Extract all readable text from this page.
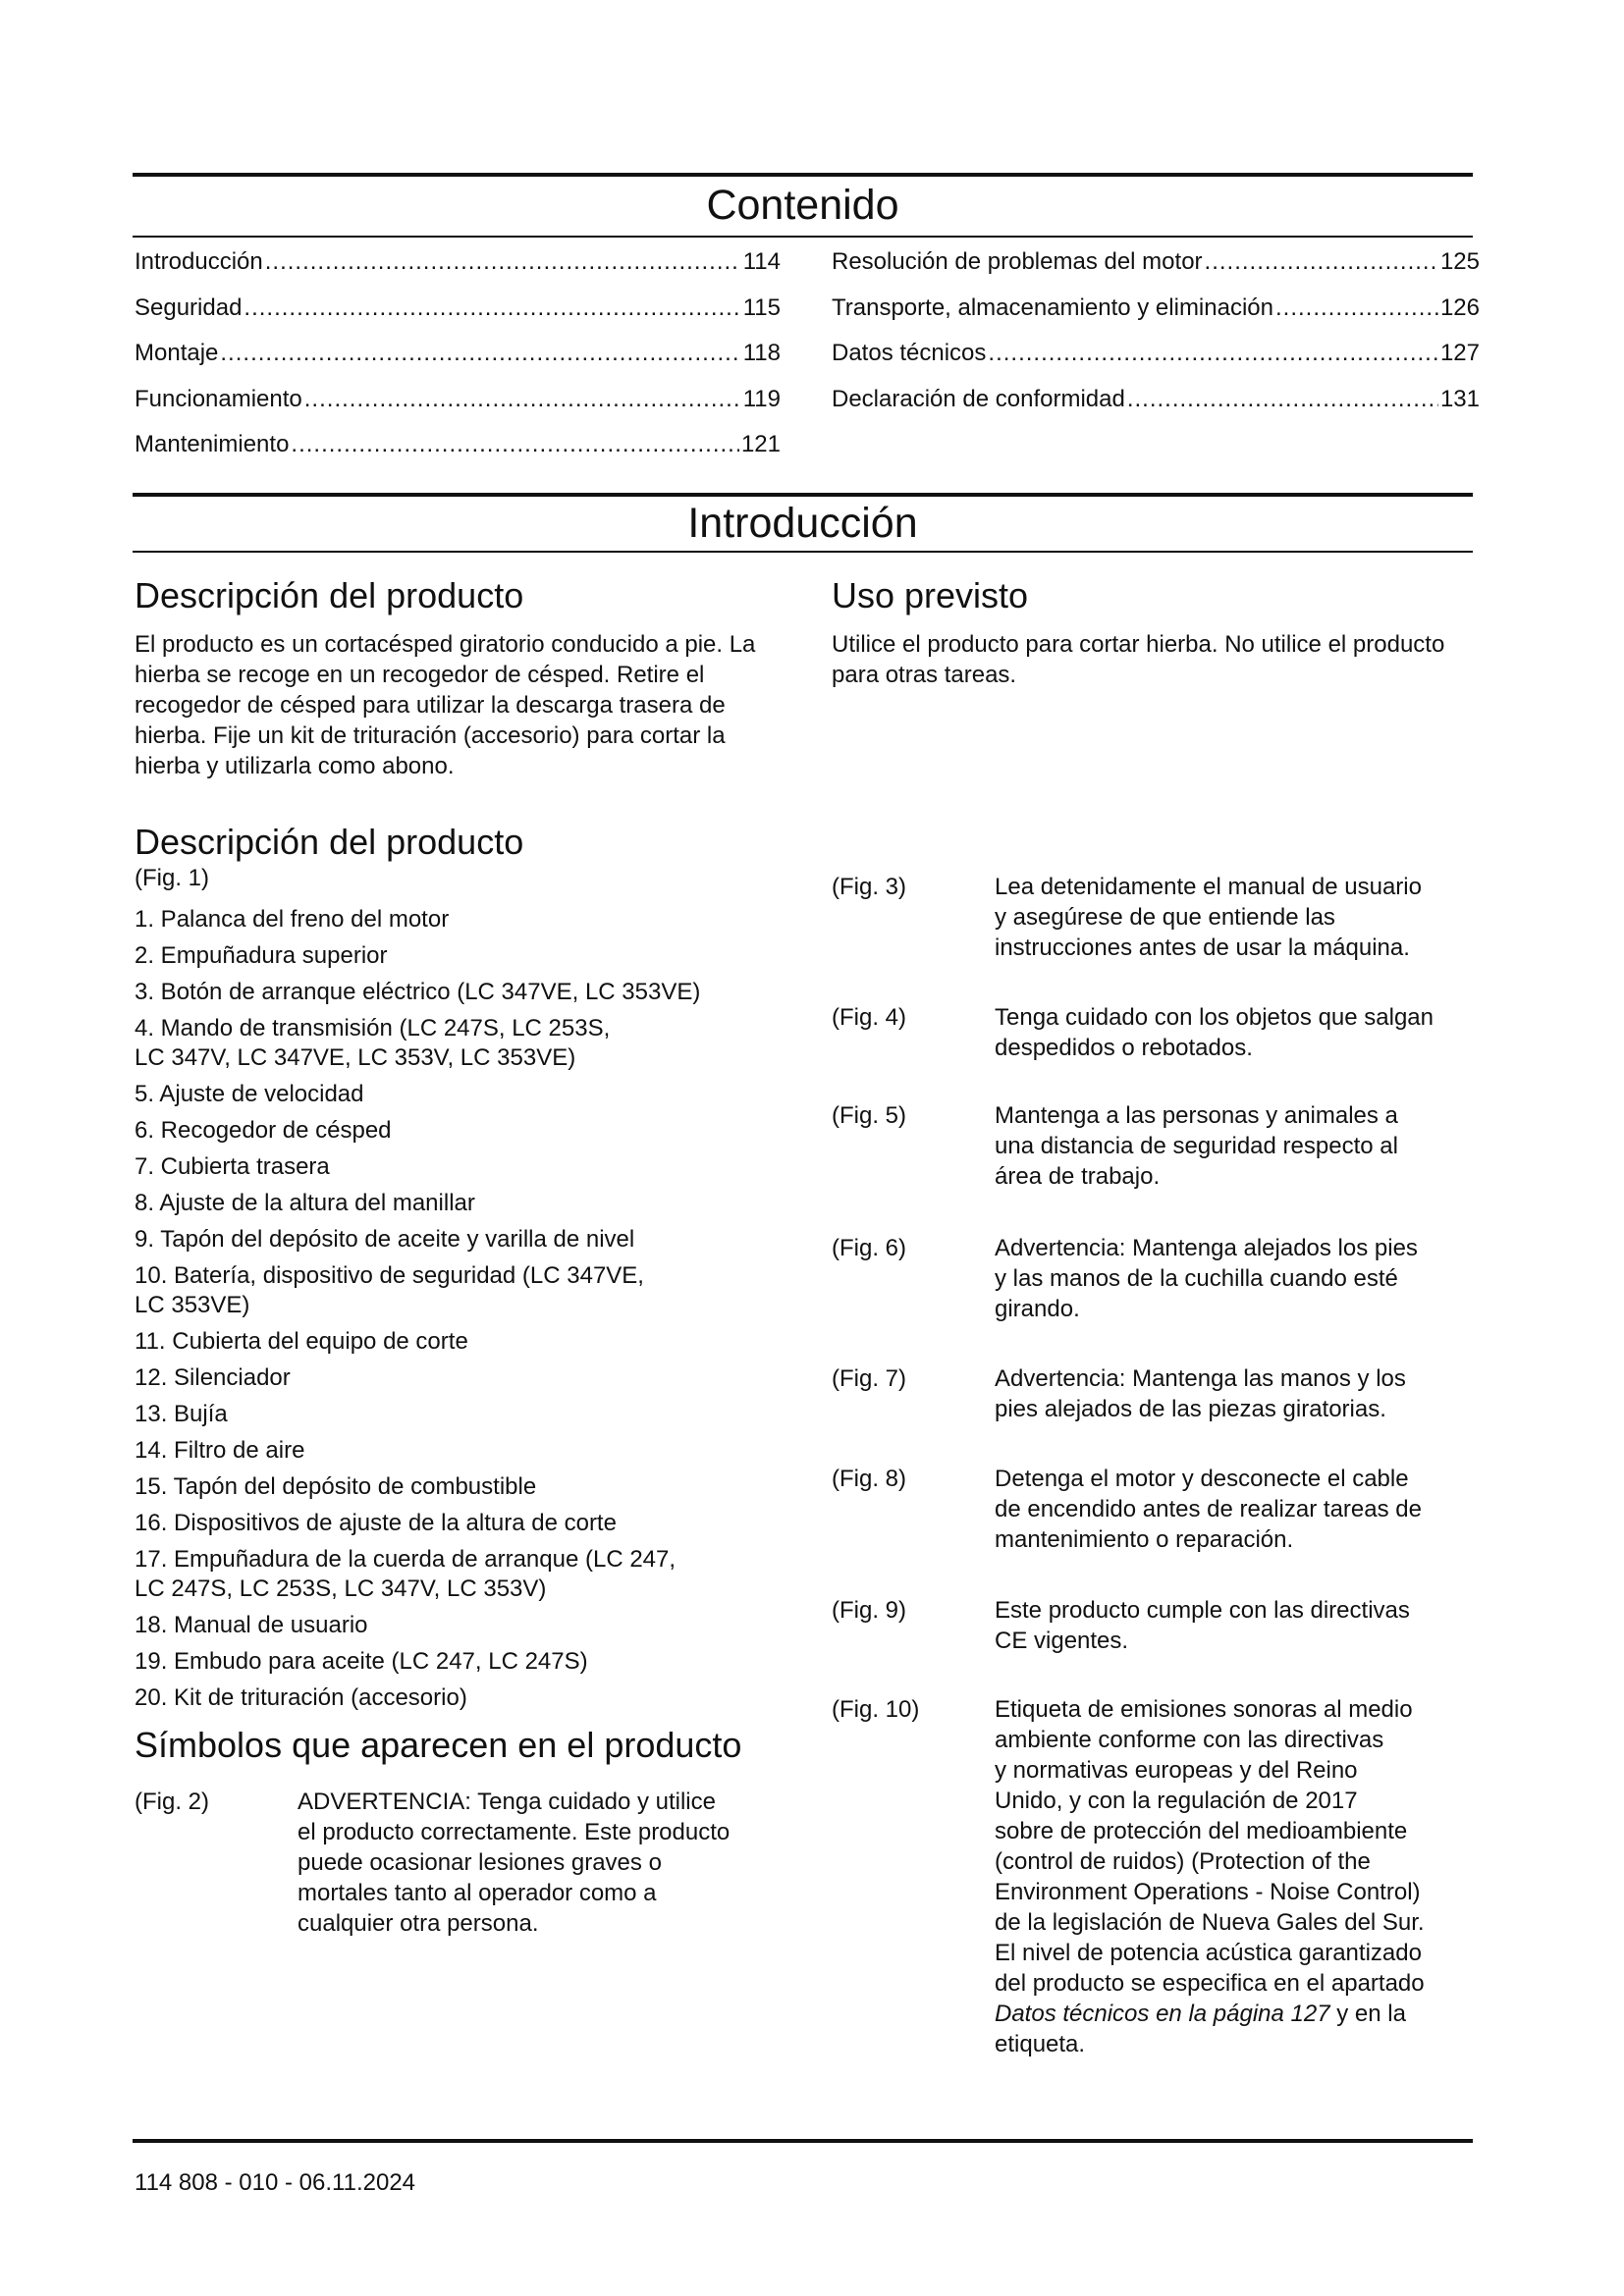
Contenido
Introducción .....	114
Seguridad .....	115
Montaje .....	118
Funcionamiento .....	119
Mantenimiento .....	121
Resolución de problemas del motor .....	125
Transporte, almacenamiento y eliminación .....	126
Datos técnicos .....	127
Declaración de conformidad .....	131
Introducción
Descripción del producto

El producto es un cortacésped giratorio conducido a pie. La hierba se recoge en un recogedor de césped. Retire el recogedor de césped para utilizar la descarga trasera de hierba. Fije un kit de trituración (accesorio) para cortar la hierba y utilizarla como abono.

Descripción del producto

(Fig. 1)

1. Palanca del freno del motor
2. Empuñadura superior
3. Botón de arranque eléctrico (LC 347VE, LC 353VE)
4. Mando de transmisión (LC 247S, LC 253S,
LC 347V, LC 347VE, LC 353V, LC 353VE)
5. Ajuste de velocidad
6. Recogedor de césped
7. Cubierta trasera
8. Ajuste de la altura del manillar
9. Tapón del depósito de aceite y varilla de nivel
10. Batería, dispositivo de seguridad (LC 347VE,
LC 353VE)
11. Cubierta del equipo de corte
12. Silenciador
13. Bujía
14. Filtro de aire
15. Tapón del depósito de combustible
16. Dispositivos de ajuste de la altura de corte
17. Empuñadura de la cuerda de arranque (LC 247,
LC 247S, LC 253S, LC 347V, LC 353V)
18. Manual de usuario
19. Embudo para aceite (LC 247, LC 247S)
20. Kit de trituración (accesorio)
Símbolos que aparecen en el producto
(Fig. 2)	ADVERTENCIA: Tenga cuidado y utilice
el producto correctamente. Este producto
puede ocasionar lesiones graves o
mortales tanto al operador como a
cualquier otra persona.
Uso previsto

Utilice el producto para cortar hierba. No utilice el producto para otras tareas.

(Fig. 3)	Lea detenidamente el manual de usuario
y asegúrese de que entiende las
instrucciones antes de usar la máquina.
(Fig. 4)	Tenga cuidado con los objetos que salgan
despedidos o rebotados.
(Fig. 5)	Mantenga a las personas y animales a
una distancia de seguridad respecto al
área de trabajo.
(Fig. 6)	Advertencia: Mantenga alejados los pies
y las manos de la cuchilla cuando esté
girando.
(Fig. 7)	Advertencia: Mantenga las manos y los
pies alejados de las piezas giratorias.
(Fig. 8)	Detenga el motor y desconecte el cable
de encendido antes de realizar tareas de
mantenimiento o reparación.
(Fig. 9)	Este producto cumple con las directivas
CE vigentes.
(Fig. 10)	Etiqueta de emisiones sonoras al medio
ambiente conforme con las directivas
y normativas europeas y del Reino
Unido, y con la regulación de 2017
sobre de protección del medioambiente
(control de ruidos) (Protection of the
Environment Operations - Noise Control)
de la legislación de Nueva Gales del Sur.
El nivel de potencia acústica garantizado
del producto se especifica en el apartado
Datos técnicos en la página 127 y en la
etiqueta.
114 808 - 010 - 06.11.2024
